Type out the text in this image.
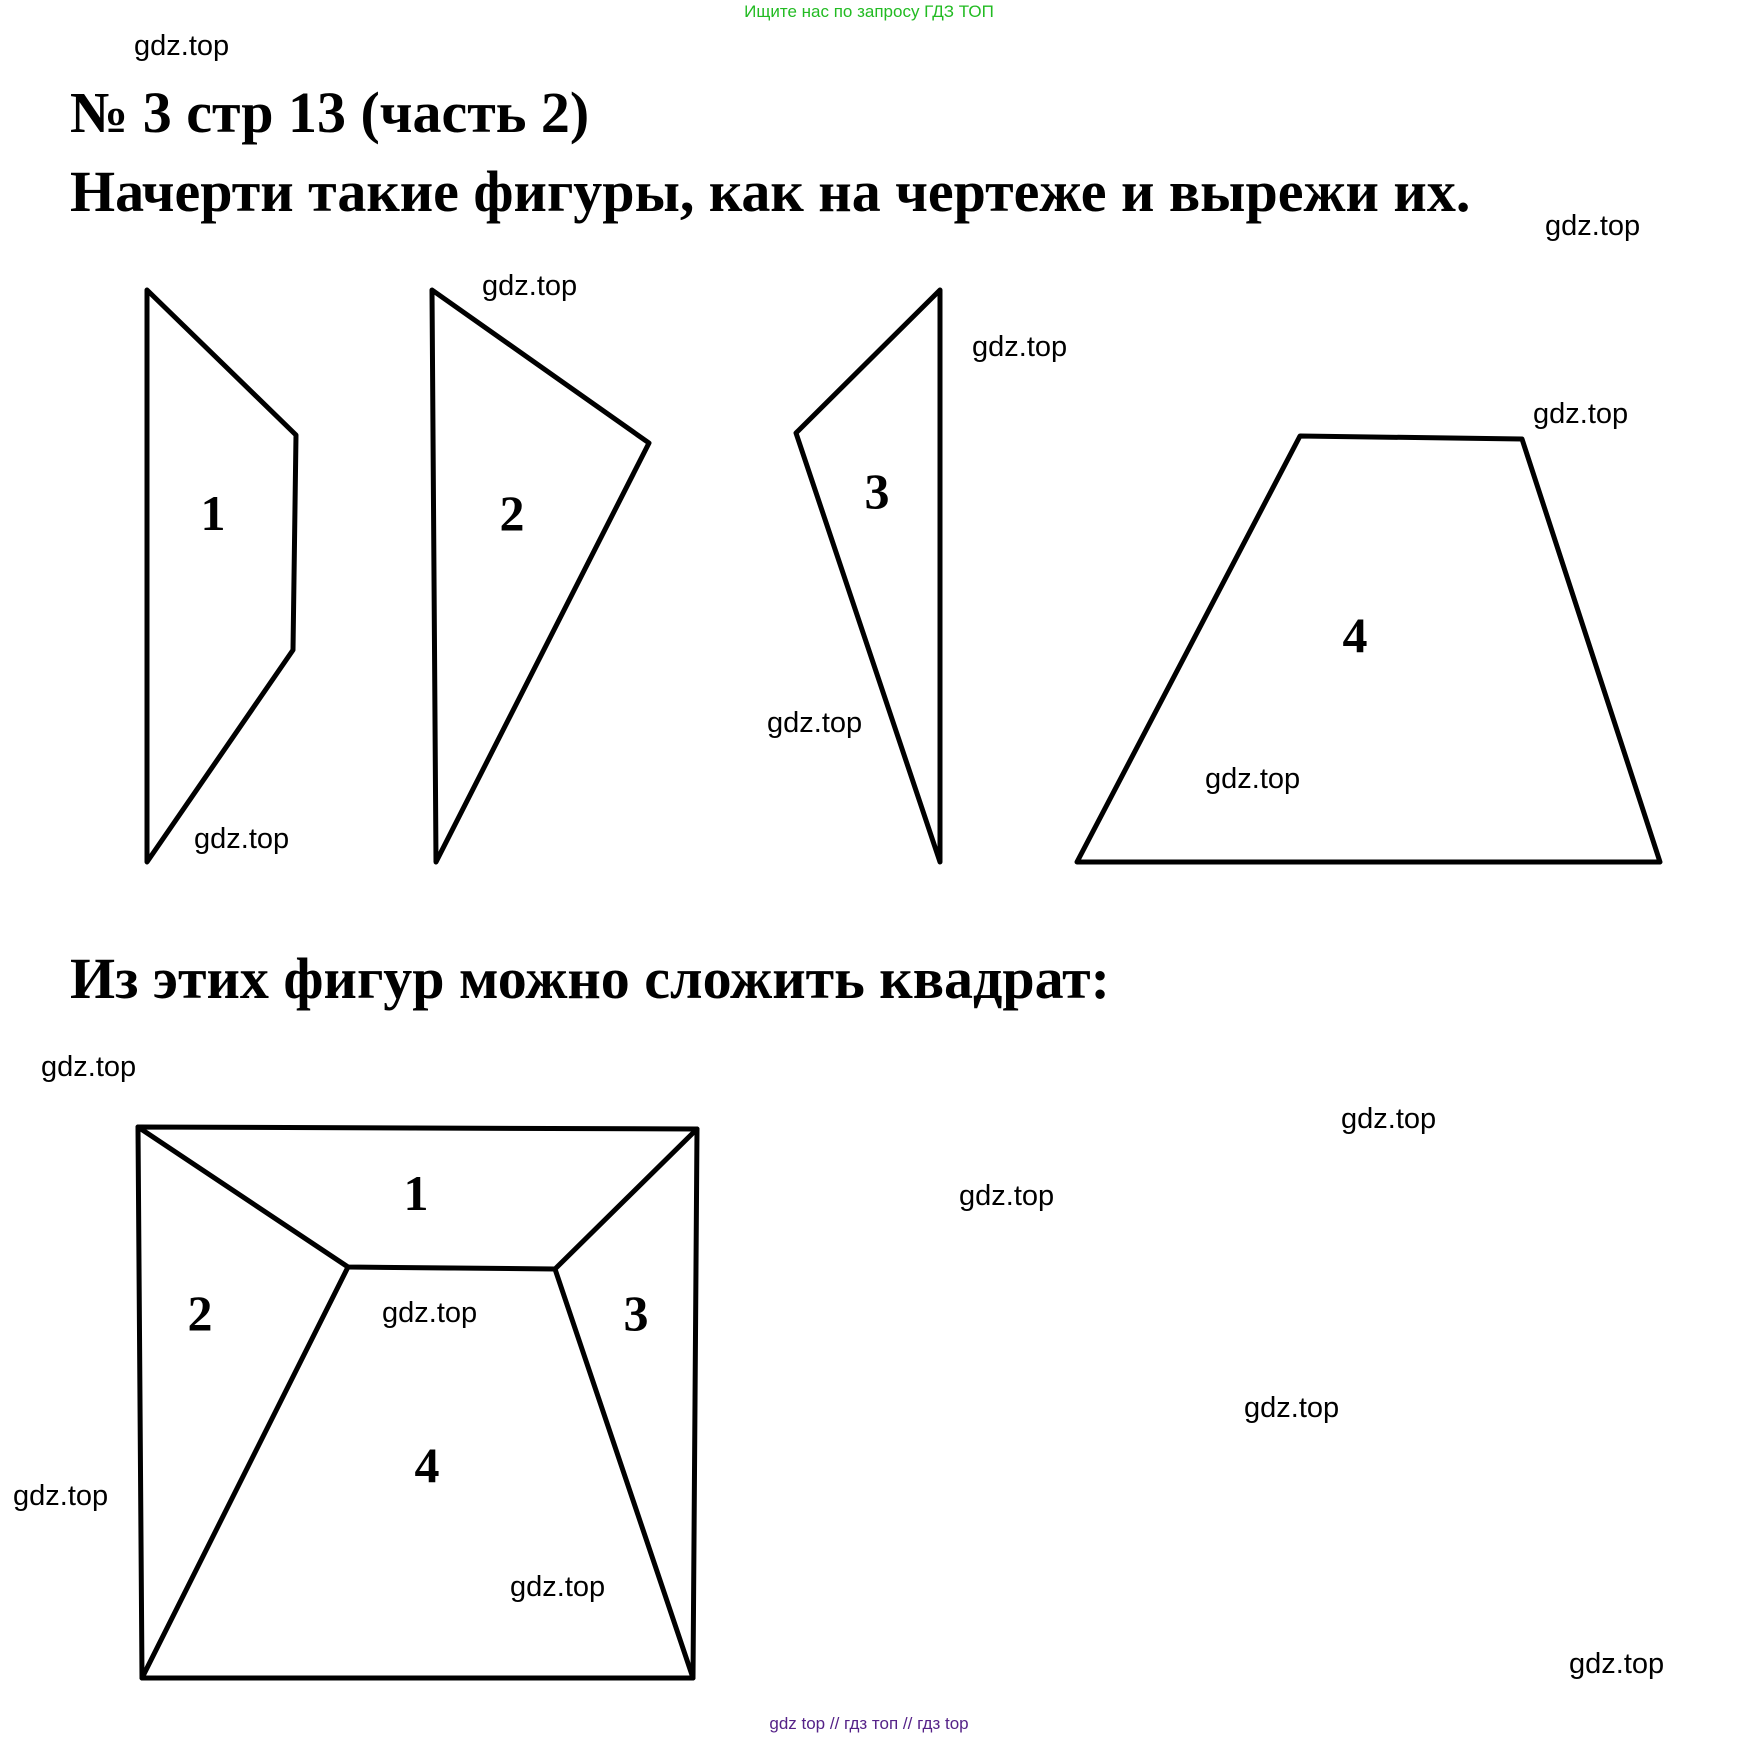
Ищите нас по запросу ГДЗ ТОП
№ 3 стр 13 (часть 2)
Начерти такие фигуры, как на чертеже и вырежи их.
Из этих фигур можно сложить квадрат:
1	2	3
4
1
2	3
4
gdz.top
gdz.top
gdz.top
gdz.top
gdz.top
gdz.top
gdz.top
gdz.top
gdz.top
gdz.top
gdz.top
gdz.top
gdz.top
gdz.top
gdz.top
gdz.top
gdz top // гдз топ // гдз top
